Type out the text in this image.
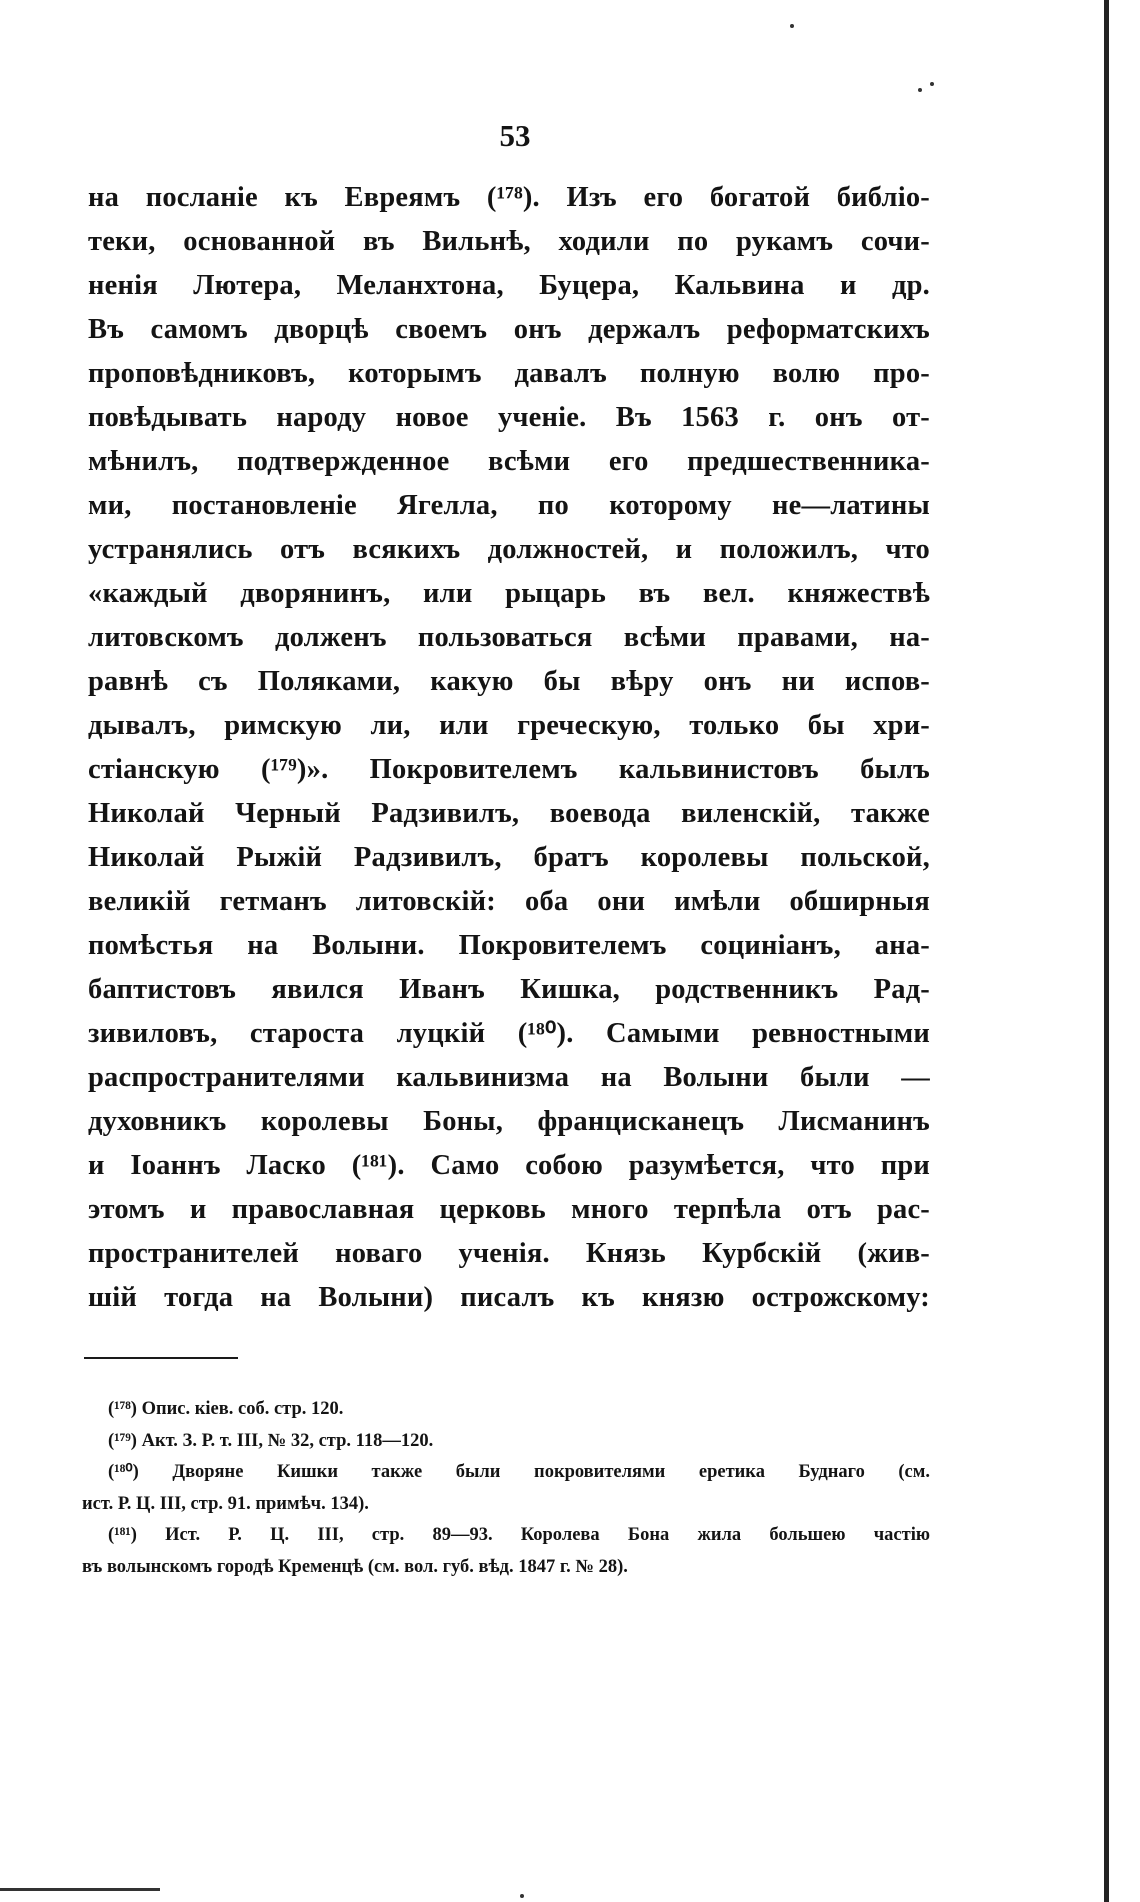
53
на посланіе къ Евреямъ (¹⁷⁸). Изъ его богатой библіо-
теки, основанной въ Вильнѣ, ходили по рукамъ сочи-
ненія Лютера, Меланхтона, Буцера, Кальвина и др.
Въ самомъ дворцѣ своемъ онъ держалъ реформатскихъ
проповѣдниковъ, которымъ давалъ полную волю про-
повѣдывать народу новое ученіе. Въ 1563 г. онъ от-
мѣнилъ, подтвержденное всѣми его предшественника-
ми, постановленіе Ягелла, по которому не—латины
устранялись отъ всякихъ должностей, и положилъ, что
«каждый дворянинъ, или рыцарь въ вел. княжествѣ
литовскомъ долженъ пользоваться всѣми правами, на-
равнѣ съ Поляками, какую бы вѣру онъ ни испов-
дывалъ, римскую ли, или греческую, только бы хри-
стіанскую (¹⁷⁹)». Покровителемъ кальвинистовъ былъ
Николай Черный Радзивилъ, воевода виленскій, также
Николай Рыжій Радзивилъ, братъ королевы польской,
великій гетманъ литовскій: оба они имѣли обширныя
помѣстья на Волыни. Покровителемъ социніанъ, ана-
баптистовъ явился Иванъ Кишка, родственникъ Рад-
зивиловъ, староста луцкій (¹⁸⁰). Самыми ревностными
распространителями кальвинизма на Волыни были —
духовникъ королевы Боны, францисканецъ Лисманинъ
и Іоаннъ Ласко (¹⁸¹). Само собою разумѣется, что при
этомъ и православная церковь много терпѣла отъ рас-
пространителей новаго ученія. Князь Курбскій (жив-
шій тогда на Волыни) писалъ къ князю острожскому:
(¹⁷⁸) Опис. кiев. соб. стр. 120.
(¹⁷⁹) Акт. З. Р. т. III, № 32, стр. 118—120.
(¹⁸⁰) Дворяне Кишки также были покровителями еретика Буднаго (см.
ист. Р. Ц. III, стр. 91. примѣч. 134).
(¹⁸¹) Ист. Р. Ц. III, стр. 89—93. Королева Бона жила большею частію
въ волынскомъ городѣ Кременцѣ (см. вол. губ. вѣд. 1847 г. № 28).
